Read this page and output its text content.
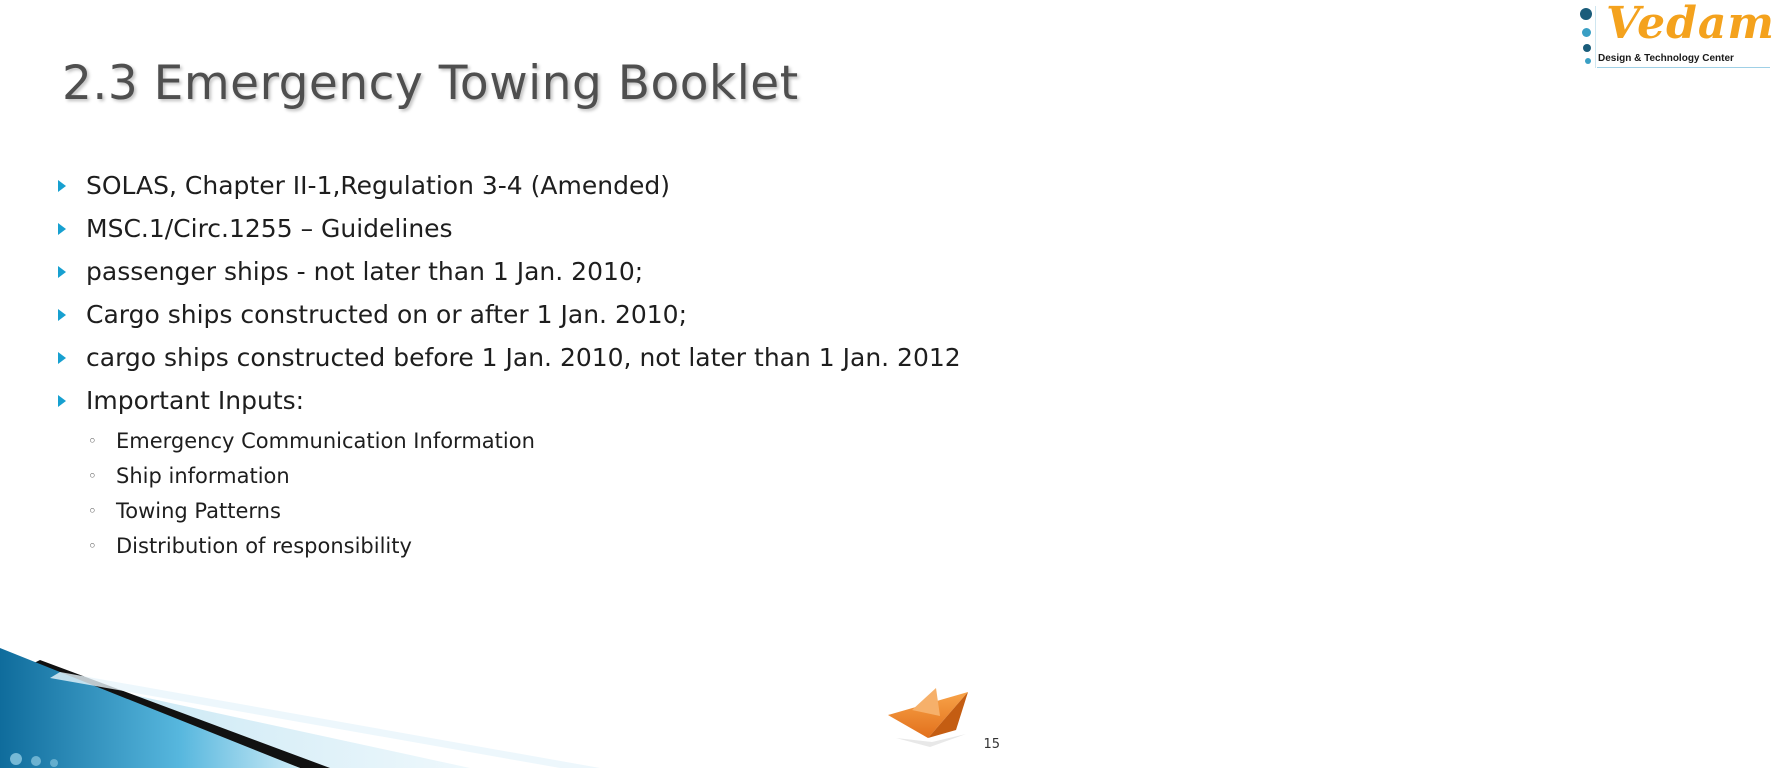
2.3 Emergency Towing Booklet
Vedam
Design & Technology Center
SOLAS, Chapter II-1,Regulation 3-4 (Amended)
MSC.1/Circ.1255 – Guidelines
passenger ships - not later than 1 Jan. 2010;
Cargo ships constructed on or after 1 Jan. 2010;
cargo ships constructed before 1 Jan. 2010, not later than 1 Jan. 2012
Important Inputs:
◦ Emergency Communication Information
◦ Ship information
◦ Towing Patterns
◦ Distribution of responsibility
15
